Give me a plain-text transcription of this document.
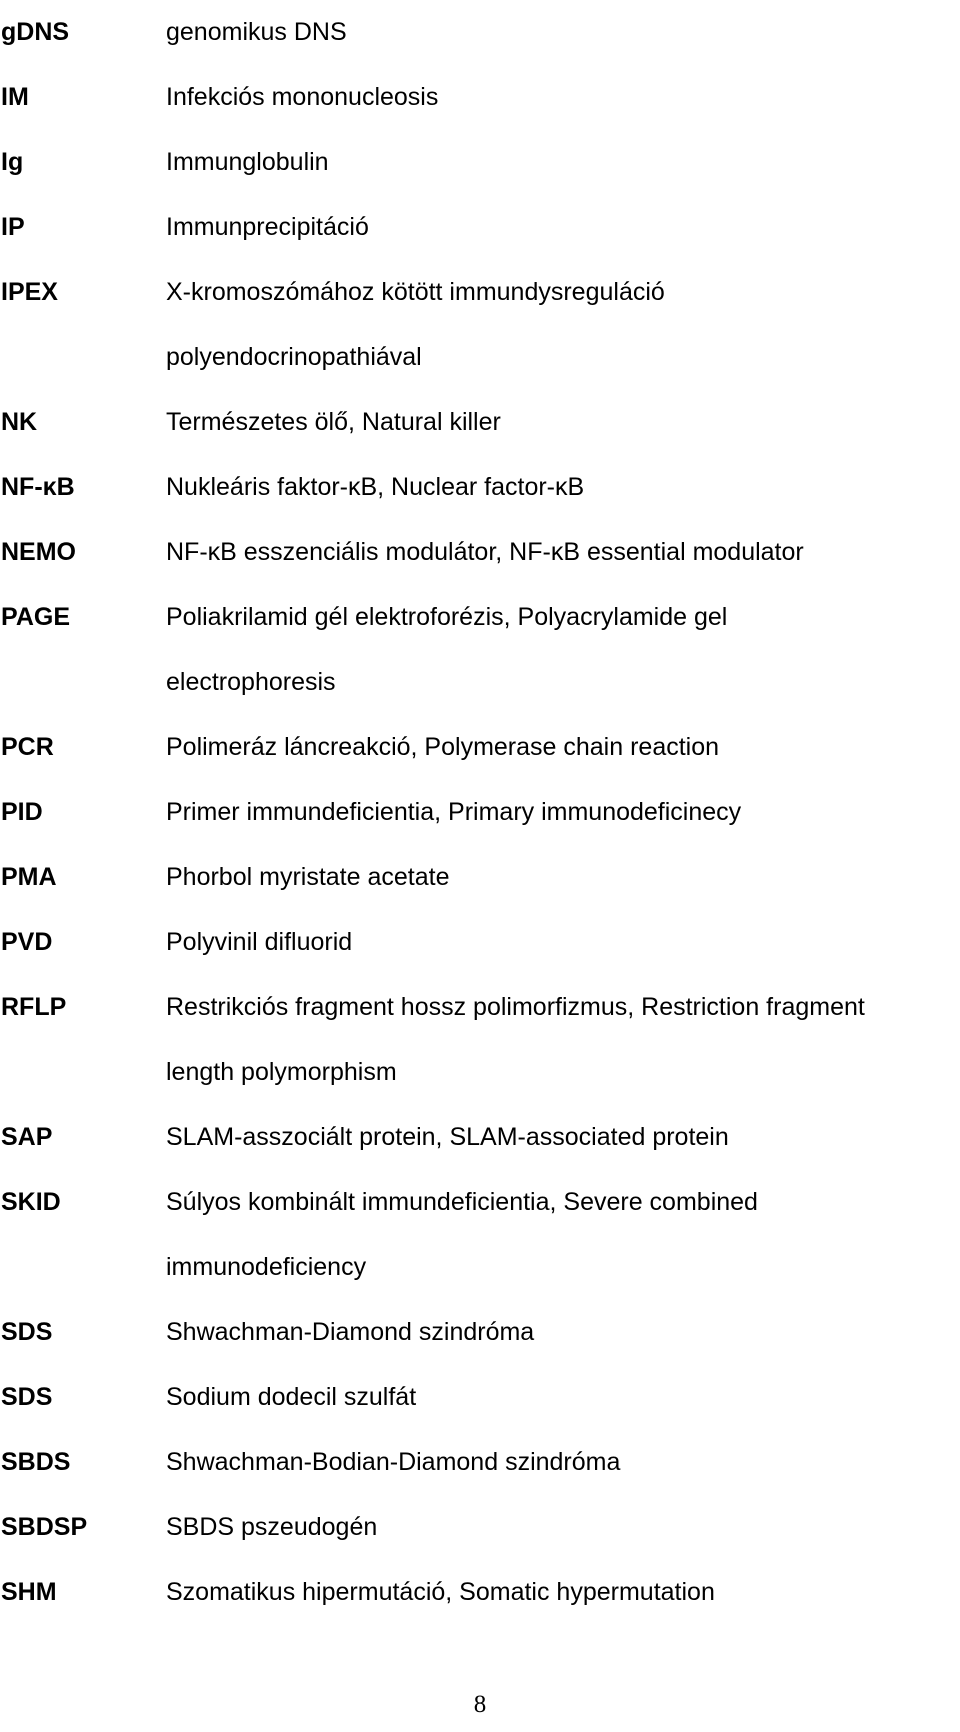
gDNS	genomikus DNS
IM	Infekciós mononucleosis
Ig	Immunglobulin
IP	Immunprecipitáció
IPEX	X-kromoszómához kötött immundysreguláció
polyendocrinopathiával
NK	Természetes ölő, Natural killer
NF-κB	Nukleáris faktor-κB, Nuclear factor-κB
NEMO	NF-κB esszenciális modulátor, NF-κB essential modulator
PAGE	Poliakrilamid gél elektroforézis, Polyacrylamide gel
electrophoresis
PCR	Polimeráz láncreakció, Polymerase chain reaction
PID	Primer immundeficientia, Primary immunodeficinecy
PMA	Phorbol myristate acetate
PVD	Polyvinil difluorid
RFLP	Restrikciós fragment hossz polimorfizmus, Restriction fragment
length polymorphism
SAP	SLAM-asszociált protein, SLAM-associated protein
SKID	Súlyos kombinált immundeficientia, Severe combined
immunodeficiency
SDS	Shwachman-Diamond szindróma
SDS	Sodium dodecil szulfát
SBDS	Shwachman-Bodian-Diamond szindróma
SBDSP	SBDS pszeudogén
SHM	Szomatikus hipermutáció, Somatic hypermutation
8
